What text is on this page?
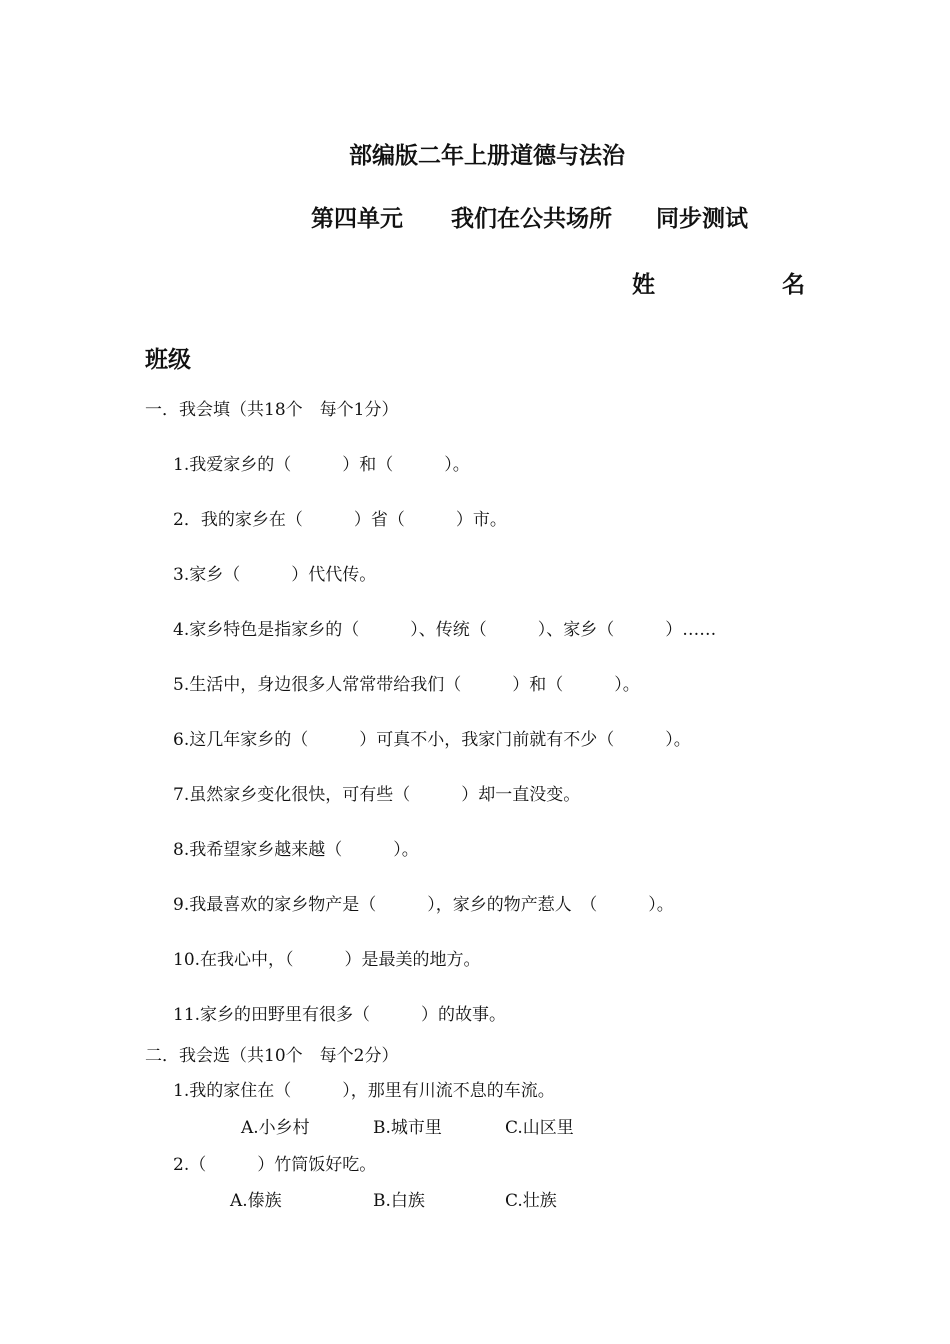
部编版二年上册道德与法治
第四单元 我们在公共场所 同步测试
姓	名
班级
一．我会填（共18个　每个1分）
1.我爱家乡的（　　　）和（　　　）。
2．我的家乡在（　　　）省（　　　）市。
3.家乡（　　　）代代传。
4.家乡特色是指家乡的（　　　）、传统（　　　）、家乡（　　　）……
5.生活中，身边很多人常常带给我们（　　　）和（　　　）。
6.这几年家乡的（　　　）可真不小，我家门前就有不少（　　　）。
7.虽然家乡变化很快，可有些（　　　）却一直没变。
8.我希望家乡越来越（　　　）。
9.我最喜欢的家乡物产是（　　　），家乡的物产惹人　（　　　）。
10.在我心中，（　　　）是最美的地方。
11.家乡的田野里有很多（　　　）的故事。
二．我会选（共10个　每个2分）
1.我的家住在（　　　），那里有川流不息的车流。
A.小乡村	B.城市里	C.山区里
2.（　　　）竹筒饭好吃。
A.傣族	B.白族	C.壮族
